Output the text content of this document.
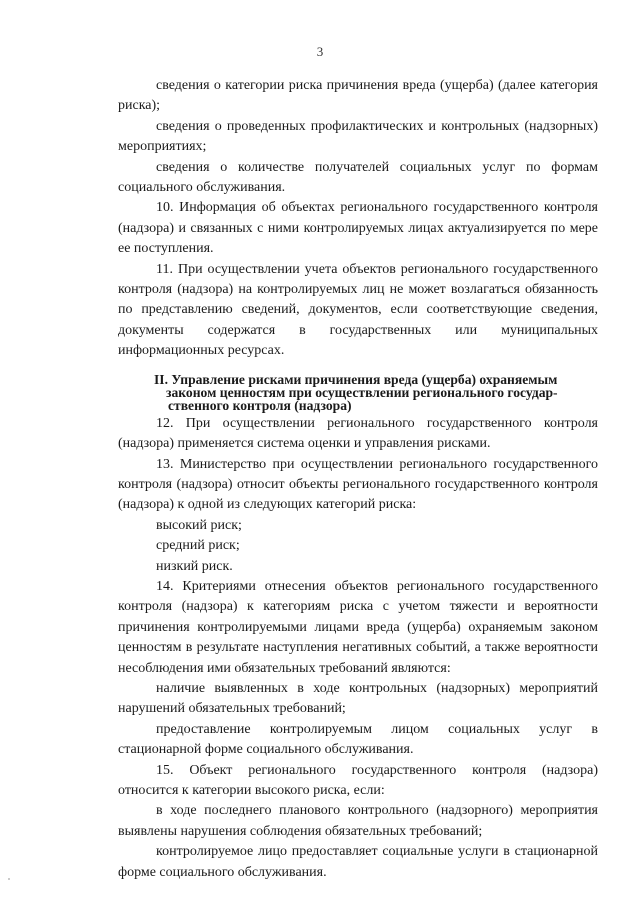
3

сведения о категории риска причинения вреда (ущерба) (далее категория риска);

сведения о проведенных профилактических и контрольных (надзорных) мероприятиях;

сведения о количестве получателей социальных услуг по формам социального обслуживания.

10. Информация об объектах регионального государственного контроля (надзора) и связанных с ними контролируемых лицах актуализируется по мере ее поступления.

11. При осуществлении учета объектов регионального государственного контроля (надзора) на контролируемых лиц не может возлагаться обязанность по представлению сведений, документов, если соответствующие сведения, документы содержатся в государственных или муниципальных информационных ресурсах.

II. Управление рисками причинения вреда (ущерба) охраняемым
законом ценностям при осуществлении регионального государ-ственного контроля (надзора)

12. При осуществлении регионального государственного контроля (надзора) применяется система оценки и управления рисками.

13. Министерство при осуществлении регионального государственного контроля (надзора) относит объекты регионального государственного контроля (надзора) к одной из следующих категорий риска:

высокий риск;

средний риск;

низкий риск.

14. Критериями отнесения объектов регионального государственного контроля (надзора) к категориям риска с учетом тяжести и вероятности причинения контролируемыми лицами вреда (ущерба) охраняемым законом ценностям в результате наступления негативных событий, а также вероятности несоблюдения ими обязательных требований являются:

наличие выявленных в ходе контрольных (надзорных) мероприятий нарушений обязательных требований;

предоставление контролируемым лицом социальных услуг в стационарной форме социального обслуживания.

15. Объект регионального государственного контроля (надзора) относится к категории высокого риска, если:

в ходе последнего планового контрольного (надзорного) мероприятия выявлены нарушения соблюдения обязательных требований;

контролируемое лицо предоставляет социальные услуги в стационарной форме социального обслуживания.
